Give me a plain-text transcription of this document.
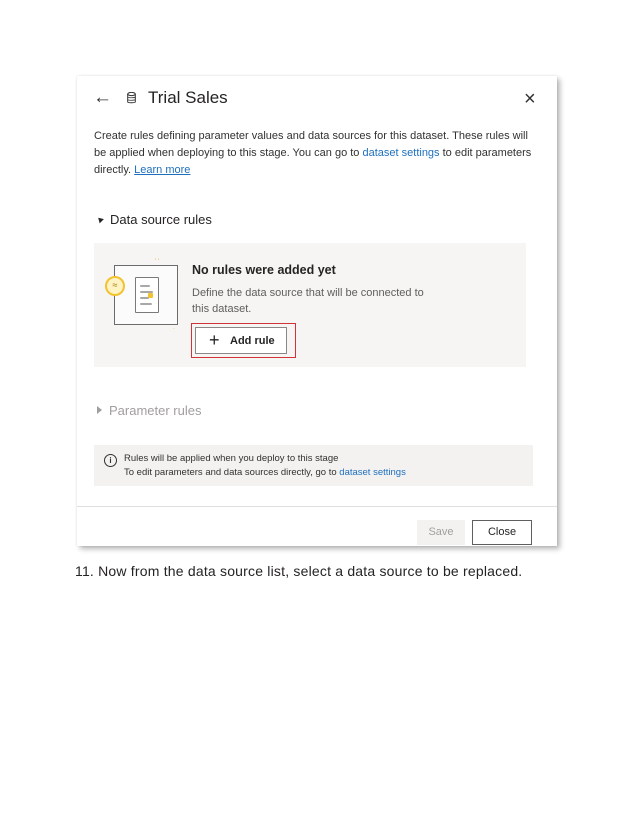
← Trial Sales	×
Create rules defining parameter values and data sources for this dataset. These rules will be applied when deploying to this stage. You can go to dataset settings to edit parameters directly. Learn more
Data source rules
≈
' '
·
No rules were added yet
Define the data source that will be connected to this dataset.
+ Add rule
Parameter rules
i	Rules will be applied when you deploy to this stage
To edit parameters and data sources directly, go to dataset settings
Save	Close
11. Now from the data source list, select a data source to be replaced.
